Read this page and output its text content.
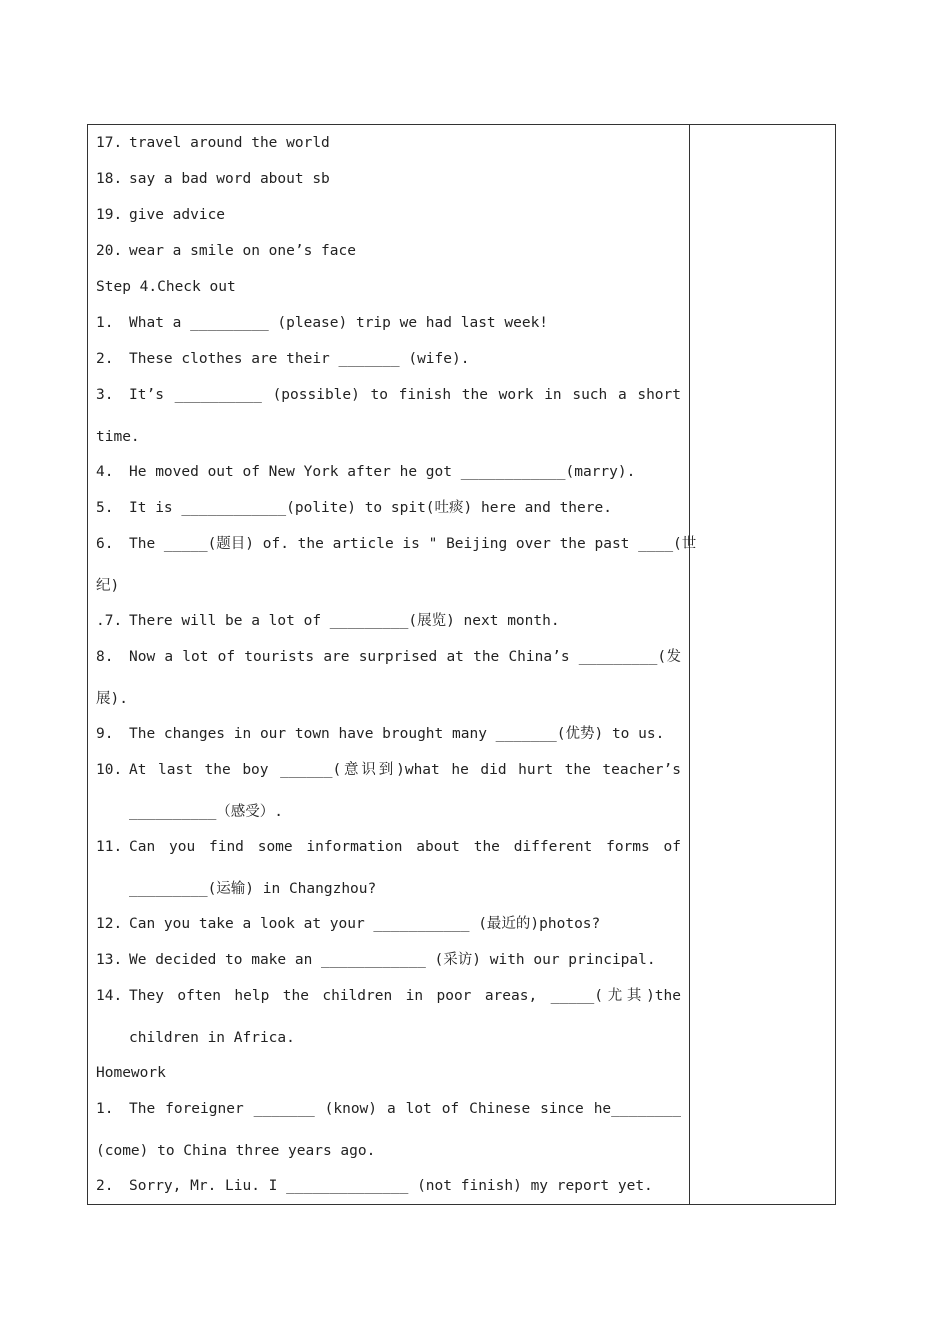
17. travel around the world
18. say a bad word about sb
19. give advice
20. wear a smile on one’s face
Step 4.Check out
1.	What a _________ (please) trip we had last week!
2.	These clothes are their _______ (wife).
3.	It’s __________ (possible) to finish the work in such a short
time.
4.	He moved out of New York after he got ____________(marry).
5.	It is ____________(polite) to spit(吐痰) here and there.
6.	The _____(题目) of. the article is " Beijing over the past ____(世
纪)
.7. There will be a lot of _________(展览) next month.
8.	Now a lot of tourists are surprised at the China’s _________(发
展).
9.	The changes in our town have brought many _______(优势) to us.
10. At last the boy ______(意识到)what he did hurt the teacher’s
__________（感受）.
11. Can you find some information about the different forms of
_________(运输) in Changzhou?
12. Can you take a look at your ___________ (最近的)photos?
13. We decided to make an ____________ (采访) with our principal.
14. They often help the children in poor areas, _____(尤其)the
children in Africa.
Homework
1.	The foreigner _______ (know) a lot of Chinese since he________
(come) to China three years ago.
2.	Sorry, Mr. Liu. I ______________ (not finish) my report yet.
